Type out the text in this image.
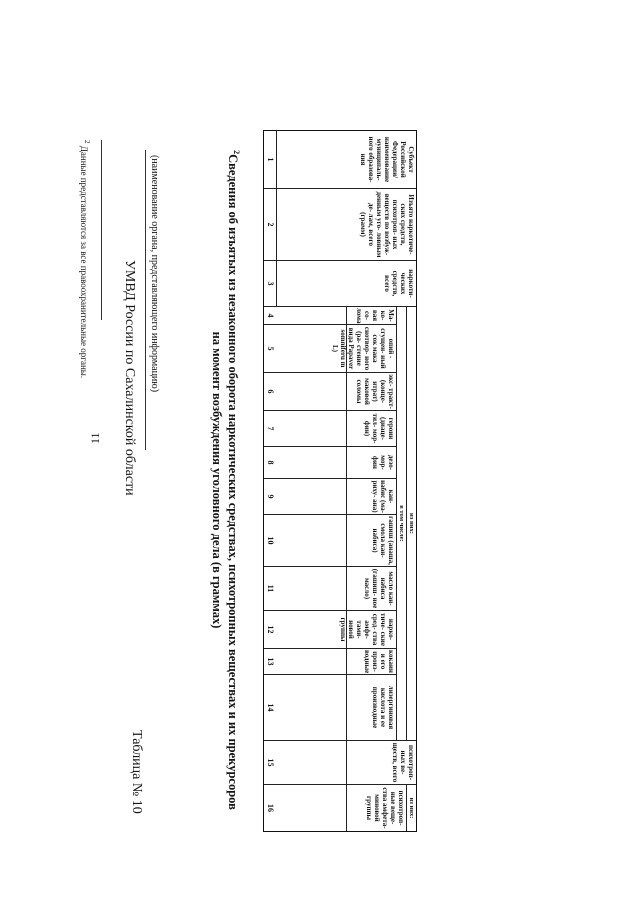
11 УМВД России по Сахалинской области (наименование органа, представляющего информацию)
Таблица № 10
$^2$Сведения об изъятых из незаконного оборота наркотических средствах, психотропных веществах и их прекурсоров
на момент возбуждения уголовного дела (в граммах)
Субъект Российской Федерации/ наименование муниципаль- ного образова- ния
Изъято наркотиче- ских средств, психотроп- ных веществ по возбуж- денным уго- ловным де- лам, всего (грамм)
наркоти- ческих средств, всего
из них:
в том числе:
Ма- ко- вая со- лома
опий - сгущен- ный сок мака снотвор- ного (ра- стение вида Papaver somniferu m L)
экс- тракт- (конце- нтрат) маковой соломы
героин (диаце- тил- мор- фин)
дезо- мор- фин
кан- набис (ма- риху- ана)
гашиш (анаша, смола кан- набиса)
масло кан- набиса (гашиш- ное масло)
нарко- тиче- ские сред- ства амфе- тами- новой группы
кокаин и его произ- водные
лизергиновая кислота и ее производные
психотроп- ных ве- ществ, всего
из них:
психотроп- ные веще- ства амфета- миновой группы
1
2
3
4
5
6
7
8
9
10
11
12
13
14
15
16
$^2$ Данные представляются за все правоохранительные органы.
